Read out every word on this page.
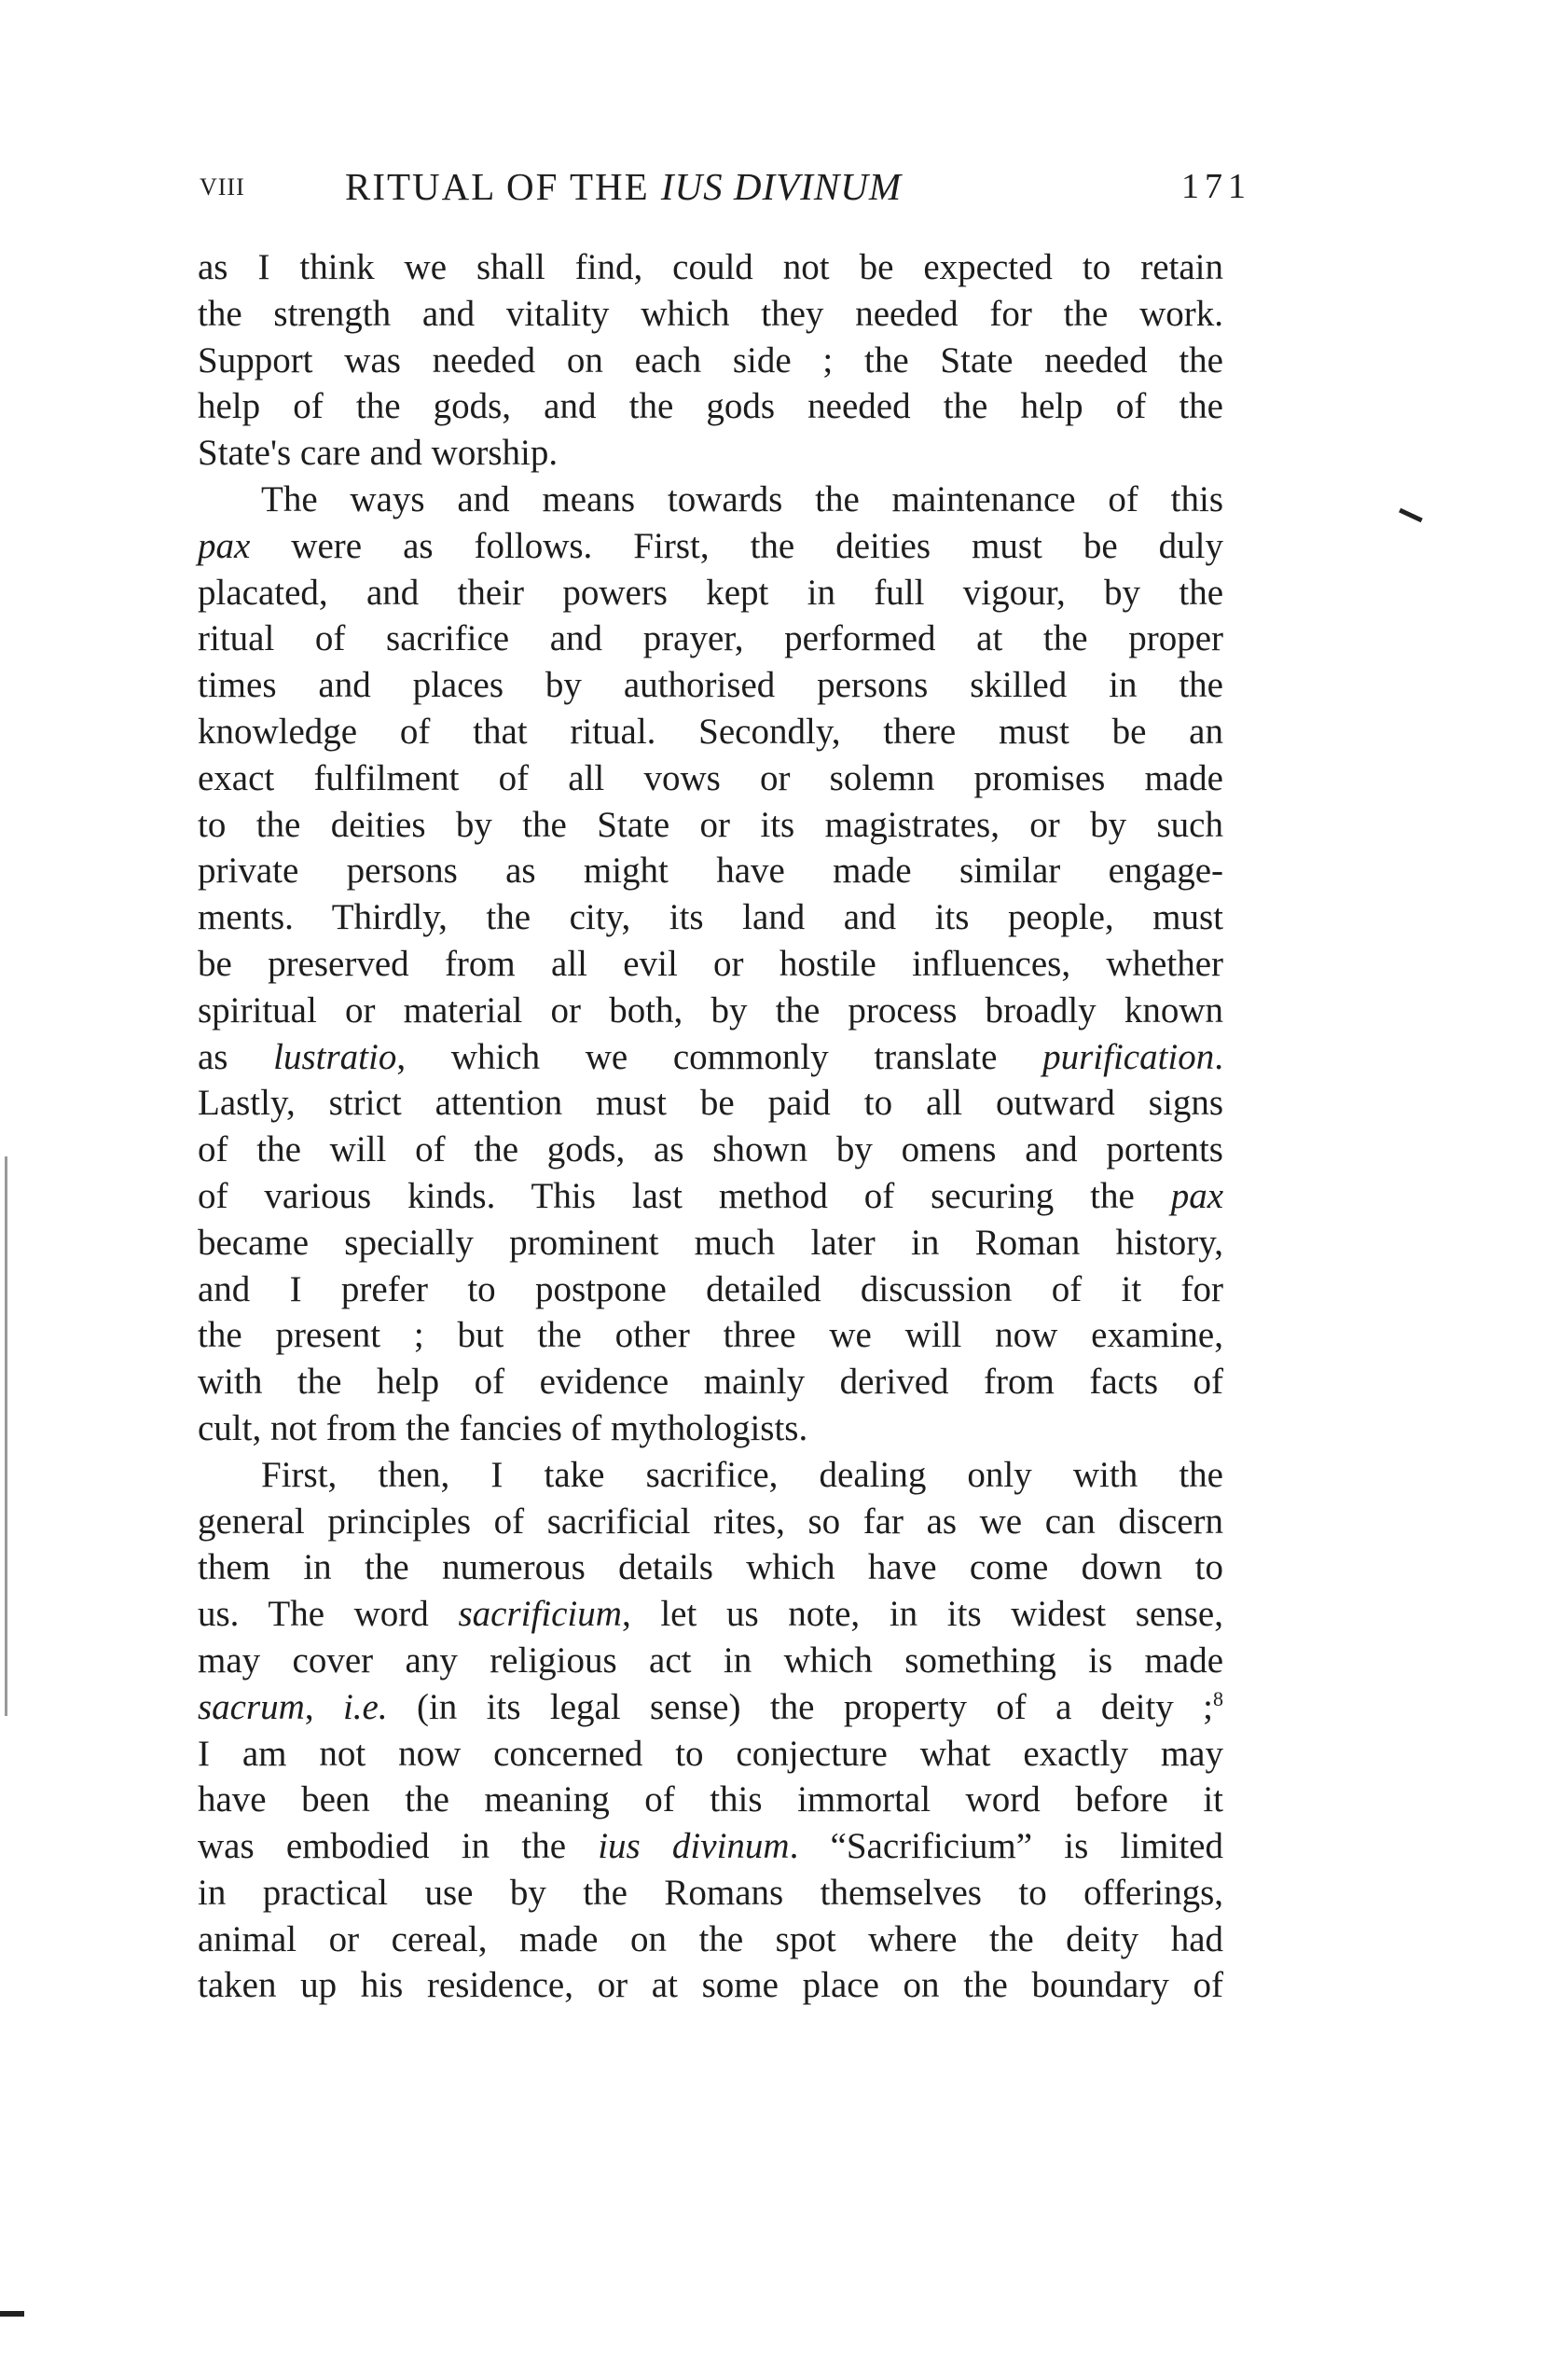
VIII	RITUAL OF THE IUS DIVINUM	171
as I think we shall find, could not be expected to retain
the strength and vitality which they needed for the work.
Support was needed on each side ; the State needed the
help of the gods, and the gods needed the help of the
State's care and worship.
The ways and means towards the maintenance of this
pax were as follows. First, the deities must be duly
placated, and their powers kept in full vigour, by the
ritual of sacrifice and prayer, performed at the proper
times and places by authorised persons skilled in the
knowledge of that ritual. Secondly, there must be an
exact fulfilment of all vows or solemn promises made
to the deities by the State or its magistrates, or by such
private persons as might have made similar engage-
ments. Thirdly, the city, its land and its people, must
be preserved from all evil or hostile influences, whether
spiritual or material or both, by the process broadly known
as lustratio, which we commonly translate purification.
Lastly, strict attention must be paid to all outward signs
of the will of the gods, as shown by omens and portents
of various kinds. This last method of securing the pax
became specially prominent much later in Roman history,
and I prefer to postpone detailed discussion of it for
the present ; but the other three we will now examine,
with the help of evidence mainly derived from facts of
cult, not from the fancies of mythologists.
First, then, I take sacrifice, dealing only with the
general principles of sacrificial rites, so far as we can discern
them in the numerous details which have come down to
us. The word sacrificium, let us note, in its widest sense,
may cover any religious act in which something is made
sacrum, i.e. (in its legal sense) the property of a deity ;$^8$
I am not now concerned to conjecture what exactly may
have been the meaning of this immortal word before it
was embodied in the ius divinum. “Sacrificium” is limited
in practical use by the Romans themselves to offerings,
animal or cereal, made on the spot where the deity had
taken up his residence, or at some place on the boundary of
